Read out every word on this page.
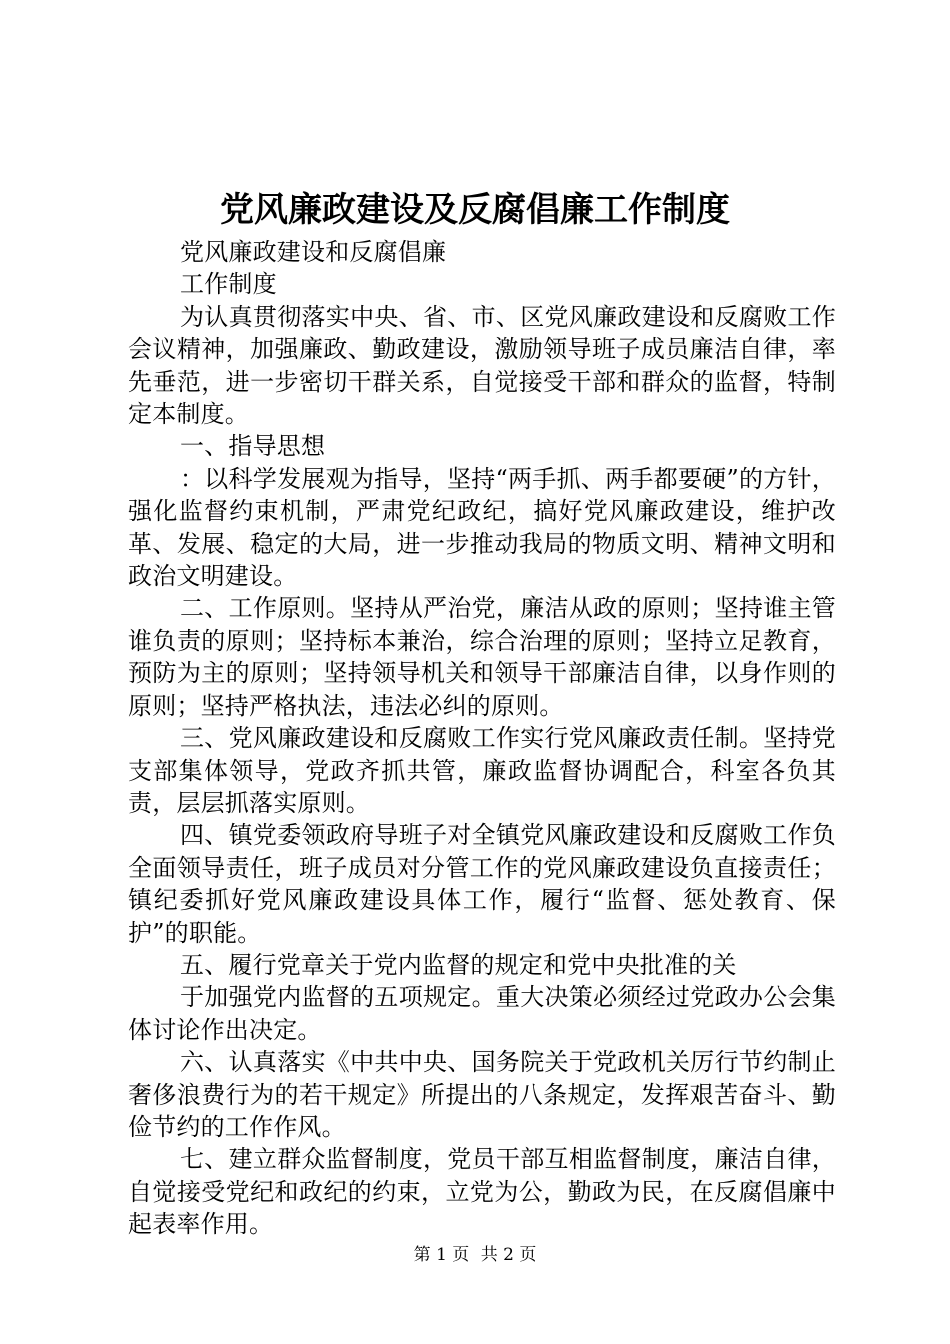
党风廉政建设及反腐倡廉工作制度

党风廉政建设和反腐倡廉

工作制度

为认真贯彻落实中央、省、市、区党风廉政建设和反腐败工作会议精神，加强廉政、勤政建设，激励领导班子成员廉洁自律，率先垂范，进一步密切干群关系，自觉接受干部和群众的监督，特制定本制度。

一、指导思想

：以科学发展观为指导，坚持“两手抓、两手都要硬”的方针，强化监督约束机制，严肃党纪政纪，搞好党风廉政建设，维护改革、发展、稳定的大局，进一步推动我局的物质文明、精神文明和政治文明建设。

二、工作原则。坚持从严治党，廉洁从政的原则；坚持谁主管谁负责的原则；坚持标本兼治，综合治理的原则；坚持立足教育，预防为主的原则；坚持领导机关和领导干部廉洁自律，以身作则的原则；坚持严格执法，违法必纠的原则。

三、党风廉政建设和反腐败工作实行党风廉政责任制。坚持党支部集体领导，党政齐抓共管，廉政监督协调配合，科室各负其责，层层抓落实原则。

四、镇党委领政府导班子对全镇党风廉政建设和反腐败工作负全面领导责任，班子成员对分管工作的党风廉政建设负直接责任；镇纪委抓好党风廉政建设具体工作，履行“监督、惩处教育、保护”的职能。

五、履行党章关于党内监督的规定和党中央批准的关

于加强党内监督的五项规定。重大决策必须经过党政办公会集体讨论作出决定。

六、认真落实《中共中央、国务院关于党政机关厉行节约制止奢侈浪费行为的若干规定》所提出的八条规定，发挥艰苦奋斗、勤俭节约的工作作风。

七、建立群众监督制度，党员干部互相监督制度，廉洁自律，自觉接受党纪和政纪的约束，立党为公，勤政为民，在反腐倡廉中起表率作用。

第 1 页 共 2 页
